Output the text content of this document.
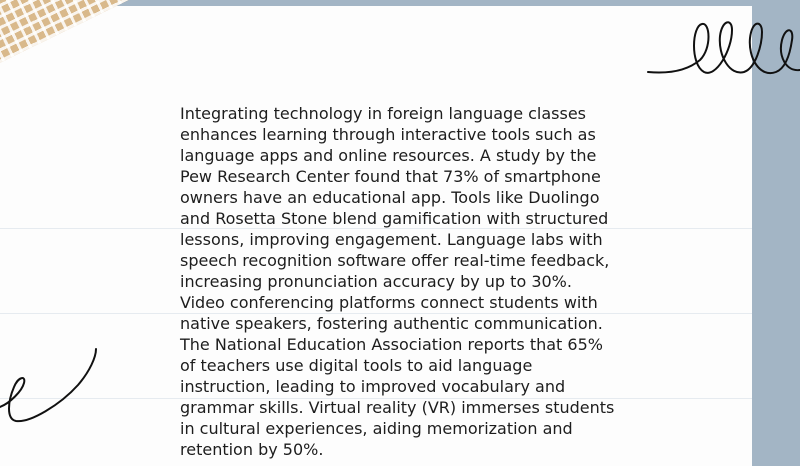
Integrating technology in foreign language classes enhances learning through interactive tools such as language apps and online resources. A study by the Pew Research Center found that 73% of smartphone owners have an educational app. Tools like Duolingo and Rosetta Stone blend gamification with structured lessons, improving engagement. Language labs with speech recognition software offer real-time feedback, increasing pronunciation accuracy by up to 30%. Video conferencing platforms connect students with native speakers, fostering authentic communication. The National Education Association reports that 65% of teachers use digital tools to aid language instruction, leading to improved vocabulary and grammar skills. Virtual reality (VR) immerses students in cultural experiences, aiding memorization and retention by 50%.
